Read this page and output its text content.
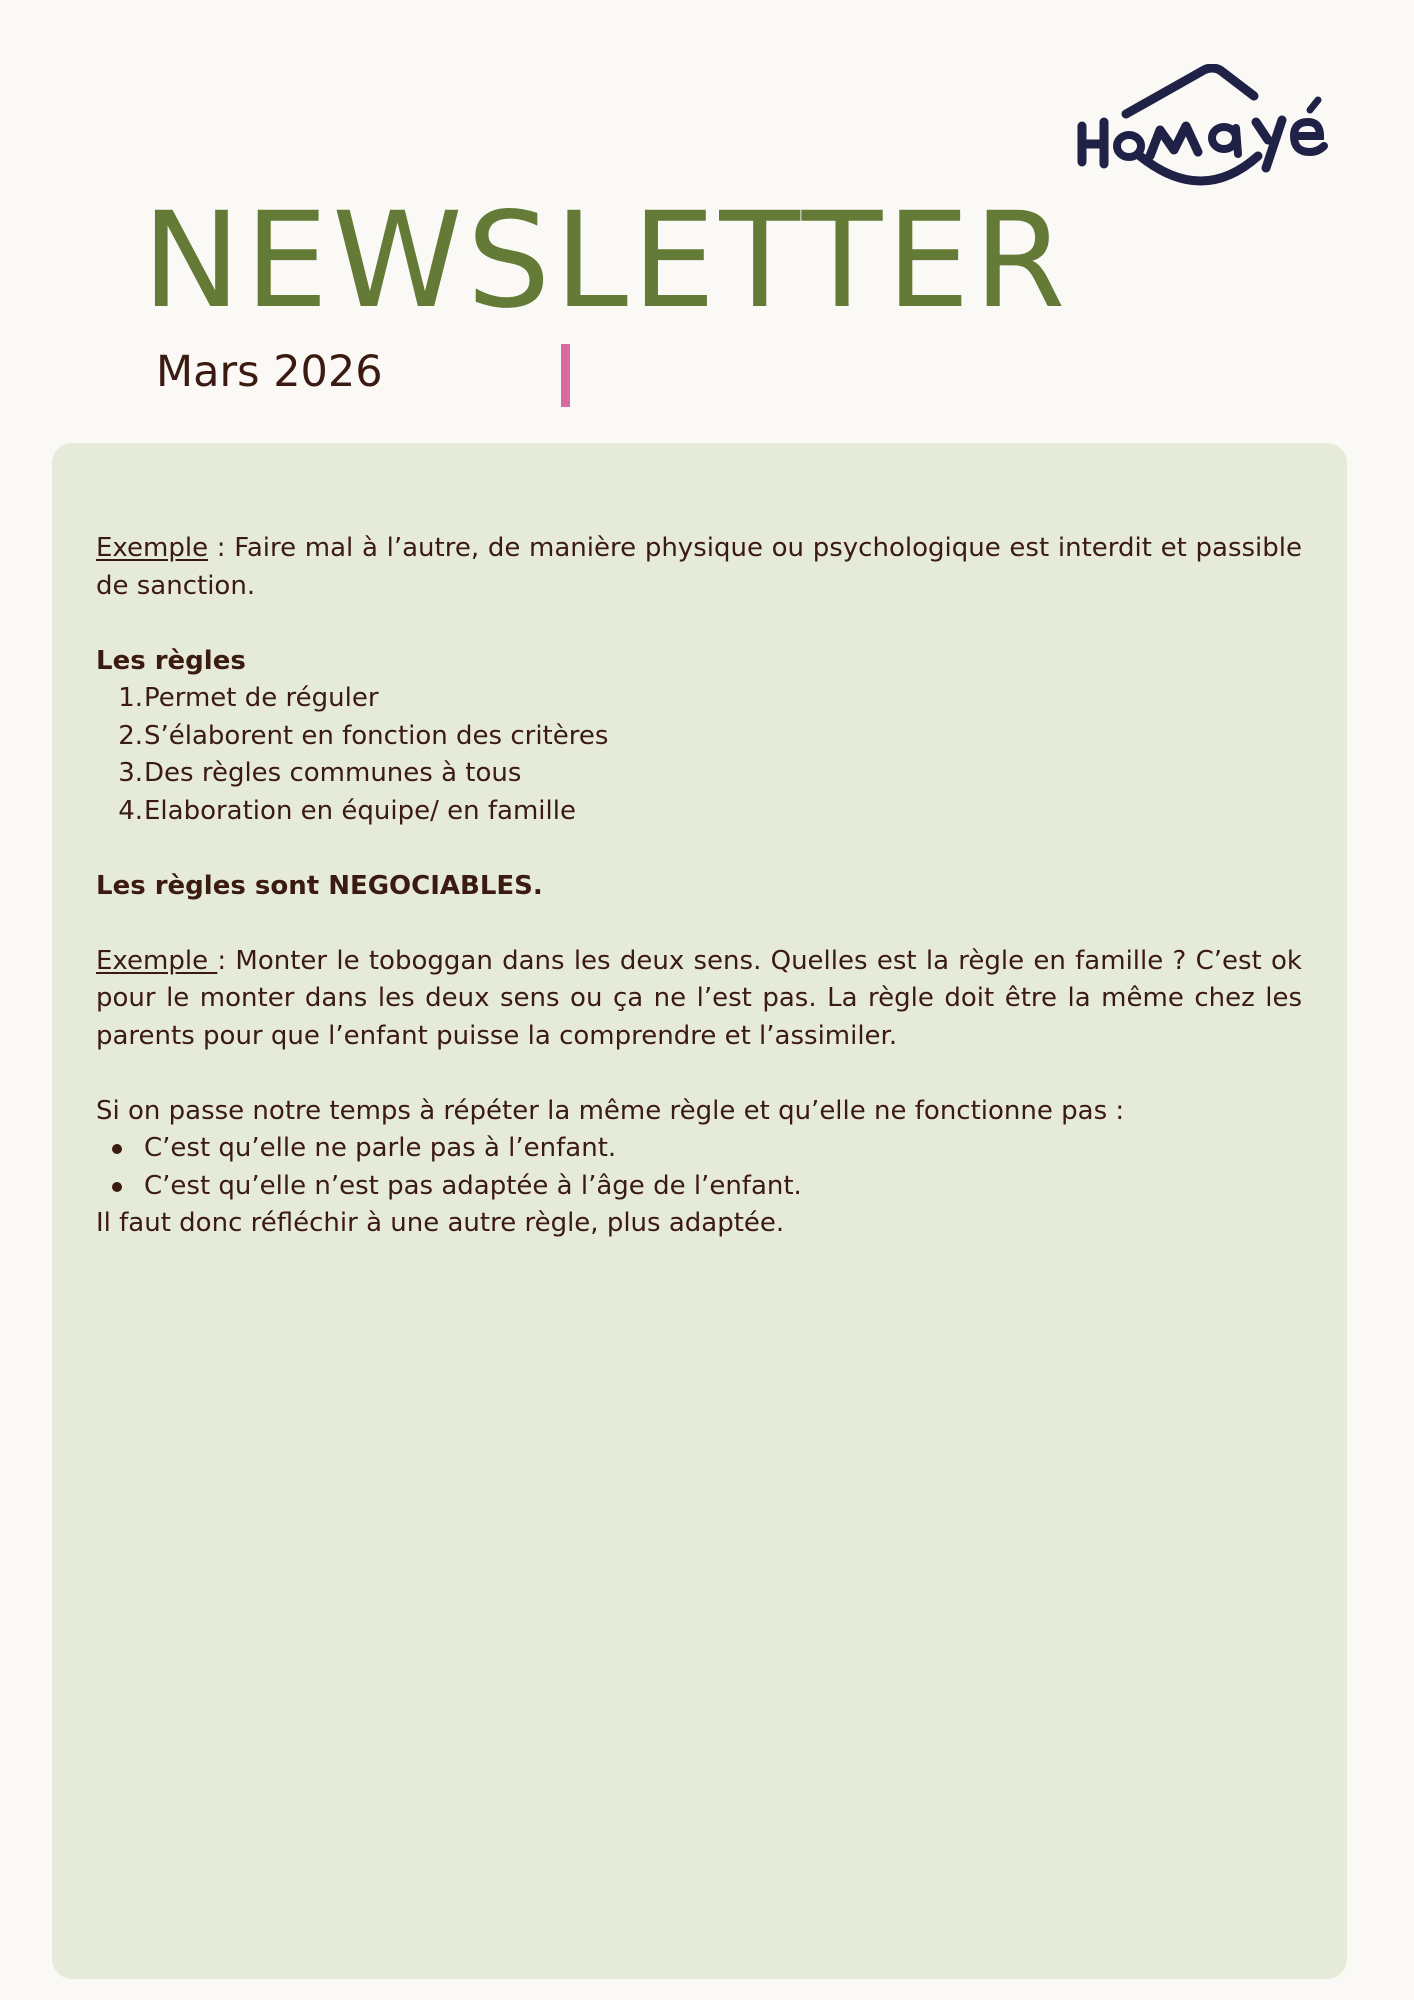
NEWSLETTER
Mars 2026

Exemple : Faire mal à l’autre, de manière physique ou psychologique est interdit et passible de sanction.

Les règles

1. Permet de réguler
2. S’élaborent en fonction des critères
3. Des règles communes à tous
4. Elaboration en équipe/ en famille

Les règles sont NEGOCIABLES.

Exemple : Monter le toboggan dans les deux sens. Quelles est la règle en famille ? C’est ok pour le monter dans les deux sens ou ça ne l’est pas. La règle doit être la même chez les parents pour que l’enfant puisse la comprendre et l’assimiler.

Si on passe notre temps à répéter la même règle et qu’elle ne fonctionne pas :

C’est qu’elle ne parle pas à l’enfant.
C’est qu’elle n’est pas adaptée à l’âge de l’enfant.

Il faut donc réfléchir à une autre règle, plus adaptée.
